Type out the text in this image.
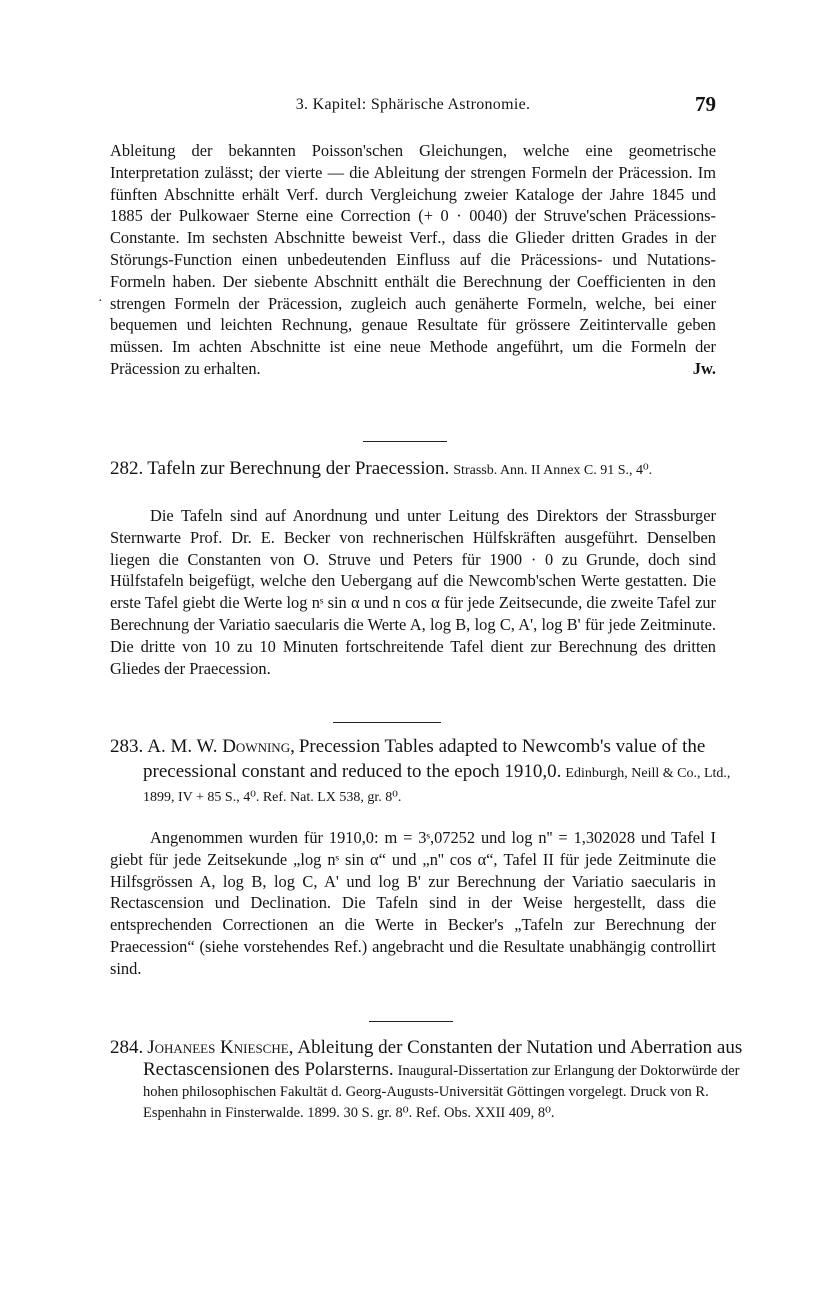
3. Kapitel: Sphärische Astronomie.	79
·

Ableitung der bekannten Poisson'schen Gleichungen, welche eine geometrische Interpretation zulässt; der vierte — die Ableitung der strengen Formeln der Präcession. Im fünften Abschnitte erhält Verf. durch Vergleichung zweier Kataloge der Jahre 1845 und 1885 der Pulkowaer Sterne eine Correction (+ 0 · 0040) der Struve'schen Präcessions-Constante. Im sechsten Abschnitte beweist Verf., dass die Glieder dritten Grades in der Störungs-Function einen unbedeutenden Einfluss auf die Präcessions- und Nutations-Formeln haben. Der siebente Abschnitt enthält die Berechnung der Coefficienten in den strengen Formeln der Präcession, zugleich auch genäherte Formeln, welche, bei einer bequemen und leichten Rechnung, genaue Resultate für grössere Zeitintervalle geben müssen. Im achten Abschnitte ist eine neue Methode angeführt, um die Formeln der Präcession zu erhalten.	Jw.

282. Tafeln zur Berechnung der Praecession. Strassb. Ann. II Annex C. 91 S., 4⁰.

Die Tafeln sind auf Anordnung und unter Leitung des Direktors der Strassburger Sternwarte Prof. Dr. E. Becker von rechnerischen Hülfskräften ausgeführt. Denselben liegen die Constanten von O. Struve und Peters für 1900 · 0 zu Grunde, doch sind Hülfstafeln beigefügt, welche den Uebergang auf die Newcomb'schen Werte gestatten. Die erste Tafel giebt die Werte log nˢ sin α und n cos α für jede Zeitsecunde, die zweite Tafel zur Berechnung der Variatio saecularis die Werte A, log B, log C, A', log B' für jede Zeitminute. Die dritte von 10 zu 10 Minuten fortschreitende Tafel dient zur Berechnung des dritten Gliedes der Praecession.

283. A. M. W. Downing, Precession Tables adapted to Newcomb's value of the precessional constant and reduced to the epoch 1910,0. Edinburgh, Neill & Co., Ltd., 1899, IV + 85 S., 4⁰. Ref. Nat. LX 538, gr. 8⁰.

Angenommen wurden für 1910,0: m = 3ˢ,07252 und log n'' = 1,302028 und Tafel I giebt für jede Zeitsekunde „log nˢ sin α“ und „n'' cos α“, Tafel II für jede Zeitminute die Hilfsgrössen A, log B, log C, A' und log B' zur Berechnung der Variatio saecularis in Rectascension und Declination. Die Tafeln sind in der Weise hergestellt, dass die entsprechenden Correctionen an die Werte in Becker's „Tafeln zur Berechnung der Praecession“ (siehe vorstehendes Ref.) angebracht und die Resultate unabhängig controllirt sind.

284. Johanees Kniesche, Ableitung der Constanten der Nutation und Aberration aus Rectascensionen des Polarsterns. Inaugural-Dissertation zur Erlangung der Doktorwürde der hohen philosophischen Fakultät d. Georg-Augusts-Universität Göttingen vorgelegt. Druck von R. Espenhahn in Finsterwalde. 1899. 30 S. gr. 8⁰. Ref. Obs. XXII 409, 8⁰.
